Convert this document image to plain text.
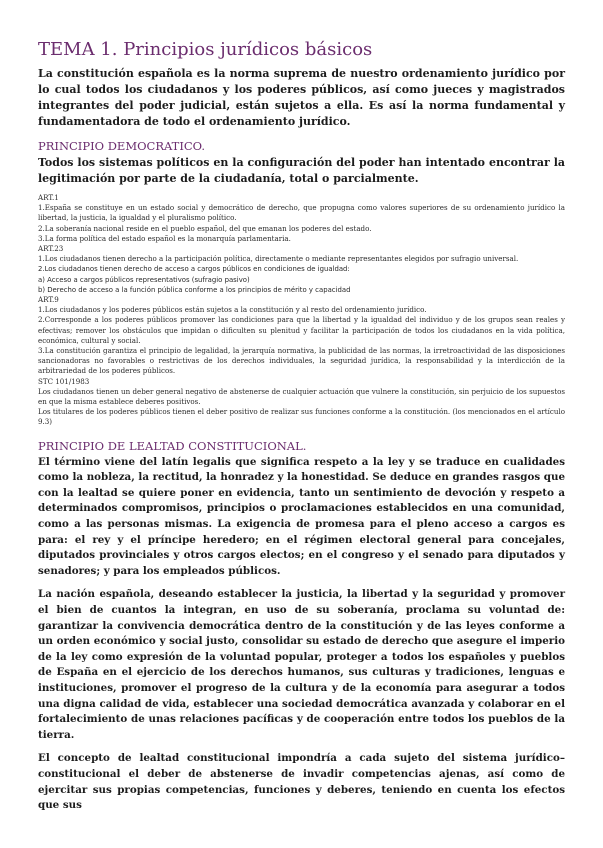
TEMA 1. Principios jurídicos básicos

La constitución española es la norma suprema de nuestro ordenamiento jurídico por lo cual todos los ciudadanos y los poderes públicos, así como jueces y magistrados integrantes del poder judicial, están sujetos a ella. Es así la norma fundamental y fundamentadora de todo el ordenamiento jurídico.

PRINCIPIO DEMOCRATICO.

Todos los sistemas políticos en la configuración del poder han intentado encontrar la legitimación por parte de la ciudadanía, total o parcialmente.

ART.1

1.España se constituye en un estado social y democrático de derecho, que propugna como valores superiores de su ordenamiento jurídico la libertad, la justicia, la igualdad y el pluralismo político.

2.La soberanía nacional reside en el pueblo español, del que emanan los poderes del estado.

3.La forma política del estado español es la monarquía parlamentaria.

ART.23

1.Los ciudadanos tienen derecho a la participación política, directamente o mediante representantes elegidos por sufragio universal.

2.Los ciudadanos tienen derecho de acceso a cargos públicos en condiciones de igualdad:

a) Acceso a cargos públicos representativos (sufragio pasivo)

b) Derecho de acceso a la función pública conforme a los principios de mérito y capacidad

ART.9

1.Los ciudadanos y los poderes públicos están sujetos a la constitución y al resto del ordenamiento jurídico.

2.Corresponde a los poderes públicos promover las condiciones para que la libertad y la igualdad del individuo y de los grupos sean reales y efectivas; remover los obstáculos que impidan o dificulten su plenitud y facilitar la participación de todos los ciudadanos en la vida política, económica, cultural y social.

3.La constitución garantiza el principio de legalidad, la jerarquía normativa, la publicidad de las normas, la irretroactividad de las disposiciones sancionadoras no favorables o restrictivas de los derechos individuales, la seguridad jurídica, la responsabilidad y la interdicción de la arbitrariedad de los poderes públicos.

STC 101/1983

Los ciudadanos tienen un deber general negativo de abstenerse de cualquier actuación que vulnere la constitución, sin perjuicio de los supuestos en que la misma establece deberes positivos.

Los titulares de los poderes públicos tienen el deber positivo de realizar sus funciones conforme a la constitución. (los mencionados en el artículo 9.3)

PRINCIPIO DE LEALTAD CONSTITUCIONAL.

El término viene del latín legalis que significa respeto a la ley y se traduce en cualidades como la nobleza, la rectitud, la honradez y la honestidad. Se deduce en grandes rasgos que con la lealtad se quiere poner en evidencia, tanto un sentimiento de devoción y respeto a determinados compromisos, principios o proclamaciones establecidos en una comunidad, como a las personas mismas. La exigencia de promesa para el pleno acceso a cargos es para: el rey y el príncipe heredero; en el régimen electoral general para concejales, diputados provinciales y otros cargos electos; en el congreso y el senado para diputados y senadores; y para los empleados públicos.

La nación española, deseando establecer la justicia, la libertad y la seguridad y promover el bien de cuantos la integran, en uso de su soberanía, proclama su voluntad de: garantizar la convivencia democrática dentro de la constitución y de las leyes conforme a un orden económico y social justo, consolidar su estado de derecho que asegure el imperio de la ley como expresión de la voluntad popular, proteger a todos los españoles y pueblos de España en el ejercicio de los derechos humanos, sus culturas y tradiciones, lenguas e instituciones, promover el progreso de la cultura y de la economía para asegurar a todos una digna calidad de vida, establecer una sociedad democrática avanzada y colaborar en el fortalecimiento de unas relaciones pacíficas y de cooperación entre todos los pueblos de la tierra.

El concepto de lealtad constitucional impondría a cada sujeto del sistema jurídico–constitucional el deber de abstenerse de invadir competencias ajenas, así como de ejercitar sus propias competencias, funciones y deberes, teniendo en cuenta los efectos que sus
